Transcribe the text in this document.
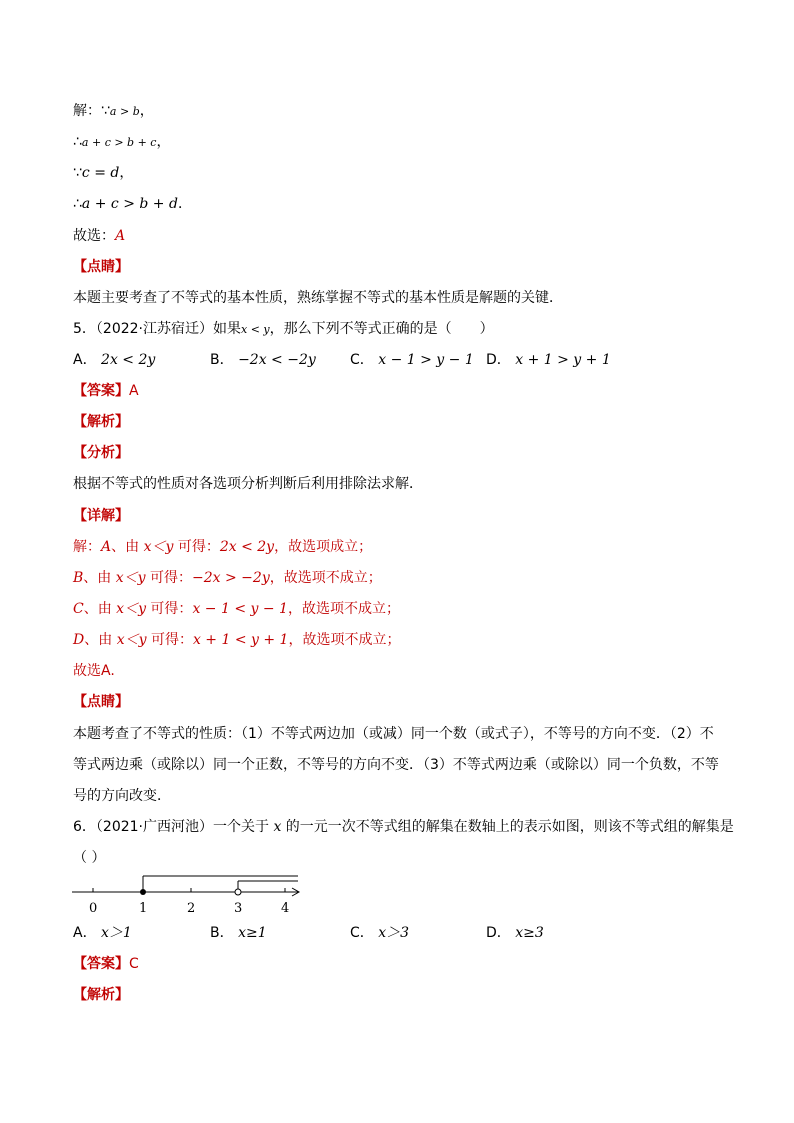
解：∵a > b，
∴a + c > b + c，
∵c = d，
∴a + c > b + d．
故选：A
【点睛】
本题主要考查了不等式的基本性质，熟练掌握不等式的基本性质是解题的关键．
5．（2022·江苏宿迁）如果x < y，那么下列不等式正确的是（　　）
A． 2x < 2y	B． −2x < −2y C． x − 1 > y − 1 D． x + 1 > y + 1
【答案】A
【解析】
【分析】
根据不等式的性质对各选项分析判断后利用排除法求解．
【详解】
解：A、由 x＜y 可得：2x < 2y，故选项成立；
B、由 x＜y 可得：−2x > −2y，故选项不成立；
C、由 x＜y 可得：x − 1 < y − 1，故选项不成立；
D、由 x＜y 可得：x + 1 < y + 1，故选项不成立；
故选A.
【点睛】
本题考查了不等式的性质：（1）不等式两边加（或减）同一个数（或式子），不等号的方向不变．（2）不
等式两边乘（或除以）同一个正数，不等号的方向不变．（3）不等式两边乘（或除以）同一个负数，不等
号的方向改变．
6．（2021·广西河池）一个关于 x 的一元一次不等式组的解集在数轴上的表示如图，则该不等式组的解集是
（ ）
0	1	2	3	4
A． x＞1	B． x≥1	C． x＞3	D． x≥3
【答案】C
【解析】
